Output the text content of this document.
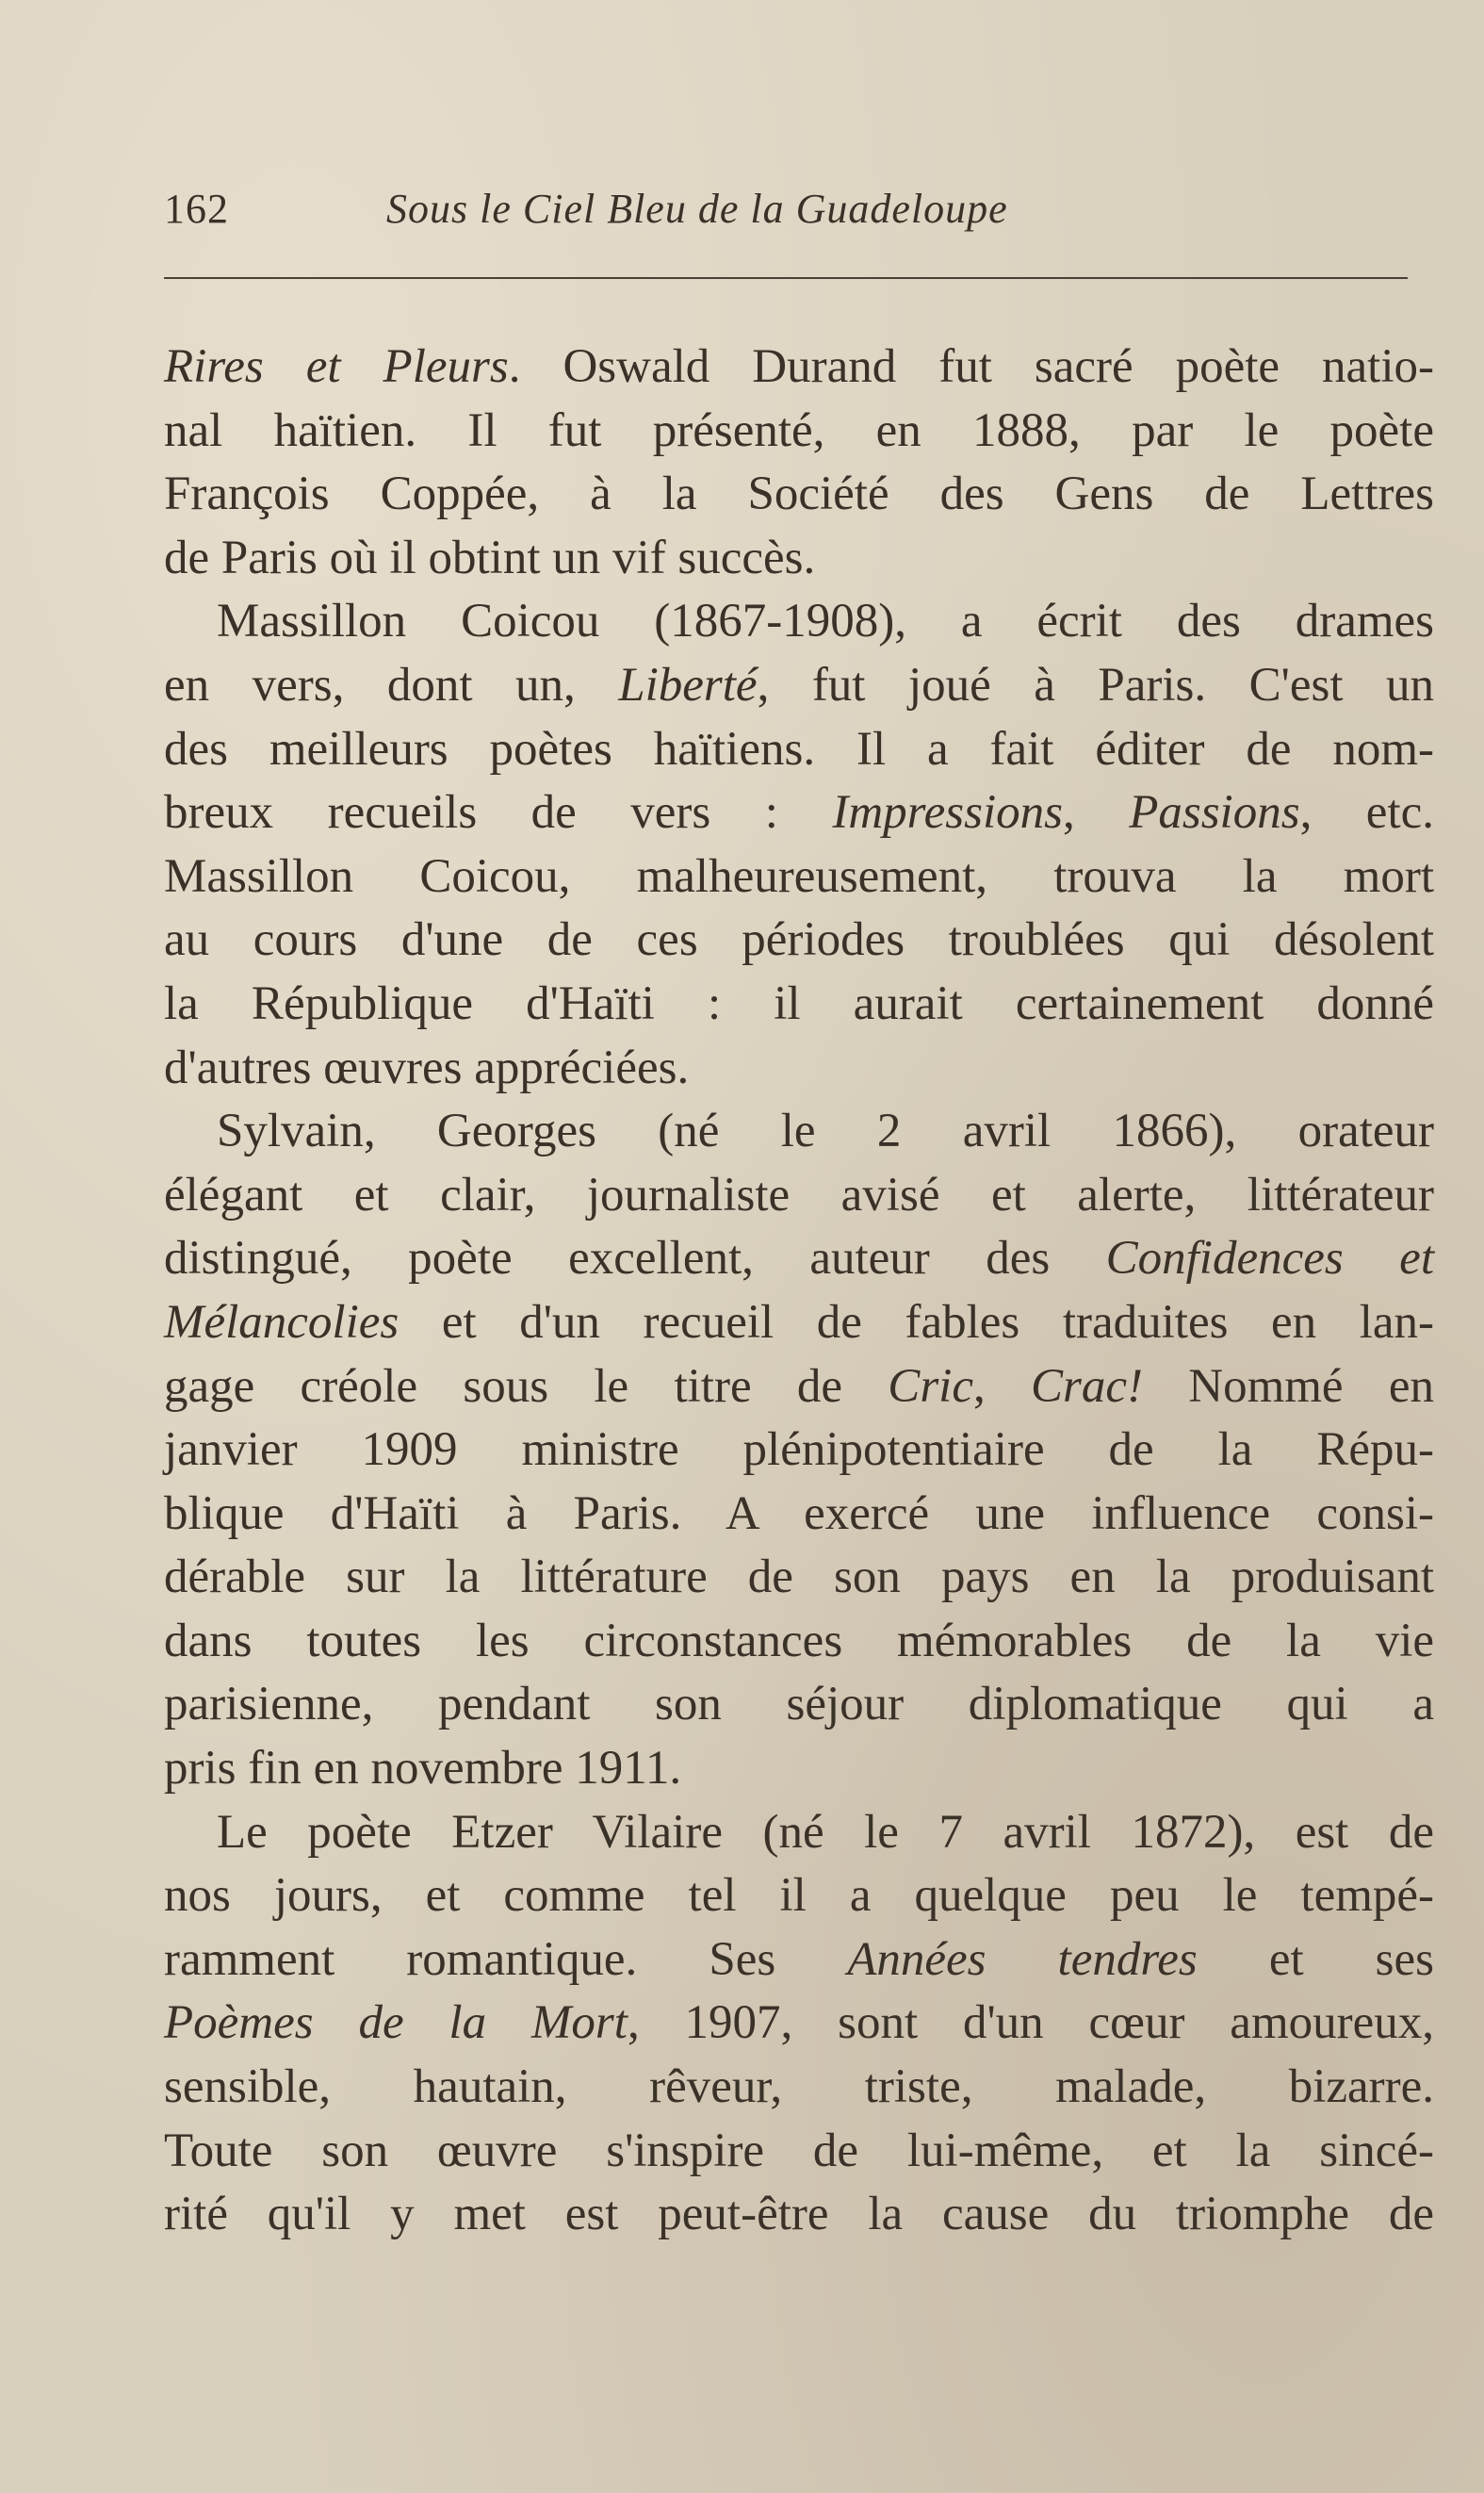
162	Sous le Ciel Bleu de la Guadeloupe
Rires et Pleurs. Oswald Durand fut sacré poète natio-
nal haïtien. Il fut présenté, en 1888, par le poète
François Coppée, à la Société des Gens de Lettres
de Paris où il obtint un vif succès.
Massillon Coicou (1867-1908), a écrit des drames
en vers, dont un, Liberté, fut joué à Paris. C'est un
des meilleurs poètes haïtiens. Il a fait éditer de nom-
breux recueils de vers : Impressions, Passions, etc.
Massillon Coicou, malheureusement, trouva la mort
au cours d'une de ces périodes troublées qui désolent
la République d'Haïti : il aurait certainement donné
d'autres œuvres appréciées.
Sylvain, Georges (né le 2 avril 1866), orateur
élégant et clair, journaliste avisé et alerte, littérateur
distingué, poète excellent, auteur des Confidences et
Mélancolies et d'un recueil de fables traduites en lan-
gage créole sous le titre de Cric, Crac! Nommé en
janvier 1909 ministre plénipotentiaire de la Répu-
blique d'Haïti à Paris. A exercé une influence consi-
dérable sur la littérature de son pays en la produisant
dans toutes les circonstances mémorables de la vie
parisienne, pendant son séjour diplomatique qui a
pris fin en novembre 1911.
Le poète Etzer Vilaire (né le 7 avril 1872), est de
nos jours, et comme tel il a quelque peu le tempé-
ramment romantique. Ses Années tendres et ses
Poèmes de la Mort, 1907, sont d'un cœur amoureux,
sensible, hautain, rêveur, triste, malade, bizarre.
Toute son œuvre s'inspire de lui-même, et la sincé-
rité qu'il y met est peut-être la cause du triomphe de
